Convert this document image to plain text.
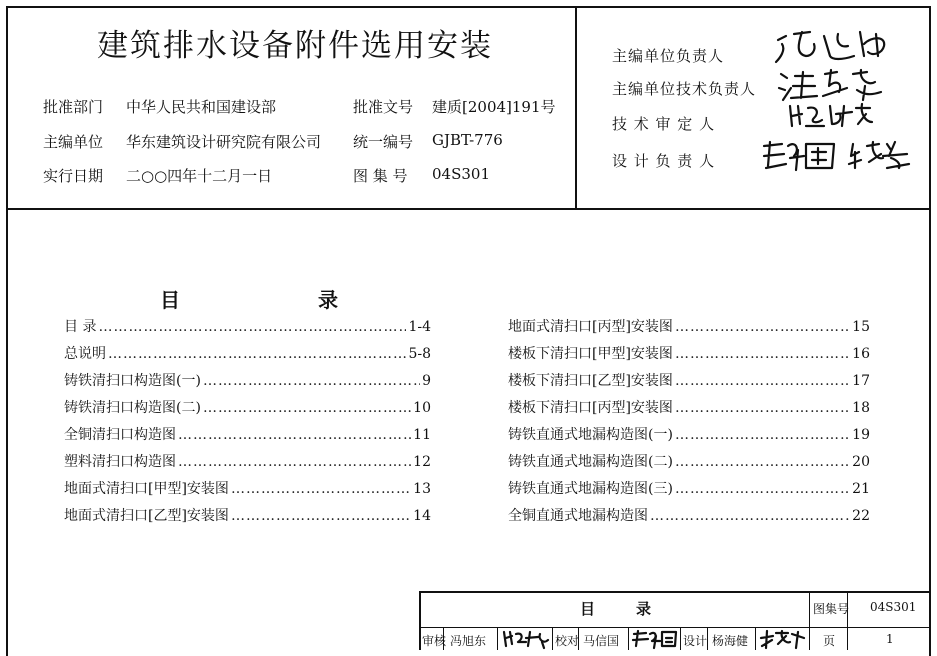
建筑排水设备附件选用安装
批准部门 中华人民共和国建设部	批准文号 建质[2004]191号
主编单位 华东建筑设计研究院有限公司 统一编号 GJBT-776
实行日期 二○○四年十二月一日	图 集 号 04S301
主编单位负责人
主编单位技术负责人
技 术 审 定 人
设 计 负 责 人
目	录
目 录 ……………………………………………………………………………………………………………………………………	1-4
总说明 ……………………………………………………………………………………………………………………………………	5-8
铸铁清扫口构造图(一) ……………………………………………………………………………………………………………………………………	9
铸铁清扫口构造图(二) ……………………………………………………………………………………………………………………………………	10
全铜清扫口构造图 ……………………………………………………………………………………………………………………………………	11
塑料清扫口构造图 ……………………………………………………………………………………………………………………………………	12
地面式清扫口[甲型]安装图 ……………………………………………………………………………………………………………………………………	13
地面式清扫口[乙型]安装图 ……………………………………………………………………………………………………………………………………	14
地面式清扫口[丙型]安装图 ……………………………………………………………………………………………………………………………………	15
楼板下清扫口[甲型]安装图 ……………………………………………………………………………………………………………………………………	16
楼板下清扫口[乙型]安装图 ……………………………………………………………………………………………………………………………………	17
楼板下清扫口[丙型]安装图 ……………………………………………………………………………………………………………………………………	18
铸铁直通式地漏构造图(一) ……………………………………………………………………………………………………………………………………	19
铸铁直通式地漏构造图(二) ……………………………………………………………………………………………………………………………………	20
铸铁直通式地漏构造图(三) ……………………………………………………………………………………………………………………………………	21
全铜直通式地漏构造图 ……………………………………………………………………………………………………………………………………	22
目	录	图集号 04S301
审核 冯旭东	校对 马信国	设计 杨海健	页	1
